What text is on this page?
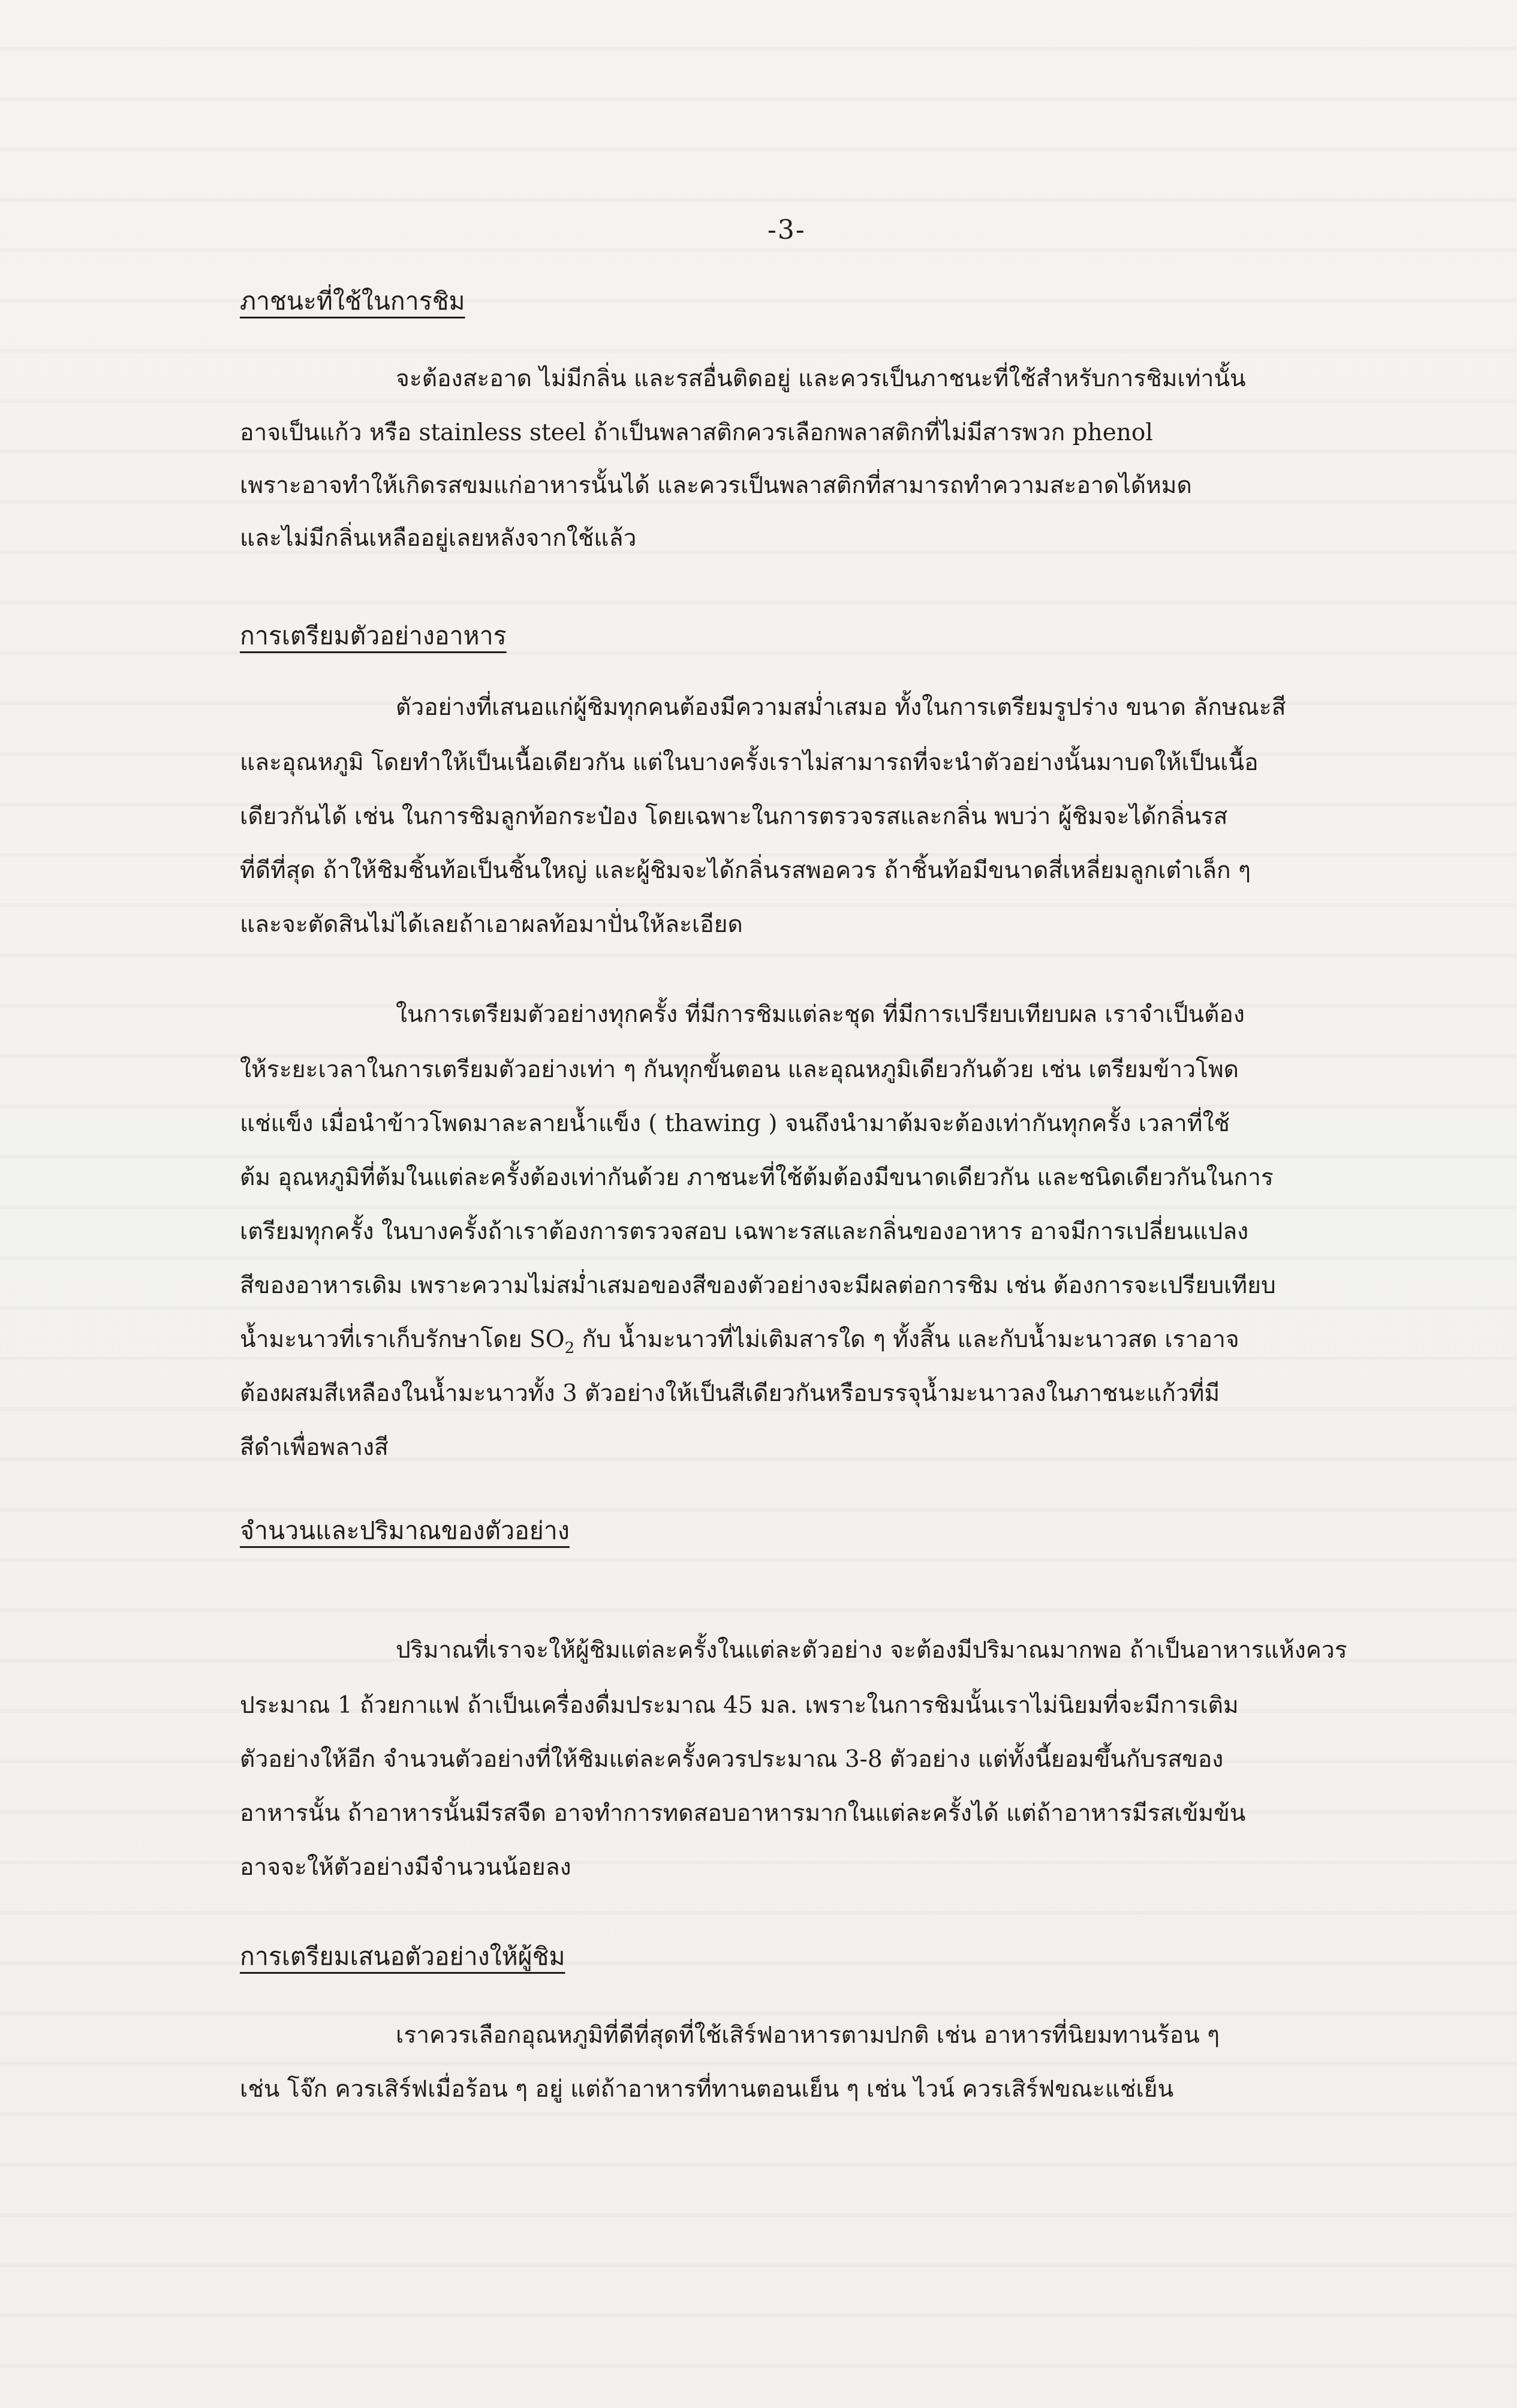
-3-
ภาชนะที่ใช้ในการชิม
จะต้องสะอาด ไม่มีกลิ่น และรสอื่นติดอยู่ และควรเป็นภาชนะที่ใช้สำหรับการชิมเท่านั้น
อาจเป็นแก้ว หรือ stainless steel ถ้าเป็นพลาสติกควรเลือกพลาสติกที่ไม่มีสารพวก phenol
เพราะอาจทำให้เกิดรสขมแก่อาหารนั้นได้ และควรเป็นพลาสติกที่สามารถทำความสะอาดได้หมด
และไม่มีกลิ่นเหลืออยู่เลยหลังจากใช้แล้ว
การเตรียมตัวอย่างอาหาร
ตัวอย่างที่เสนอแก่ผู้ชิมทุกคนต้องมีความสม่ำเสมอ ทั้งในการเตรียมรูปร่าง ขนาด ลักษณะสี
และอุณหภูมิ โดยทำให้เป็นเนื้อเดียวกัน แต่ในบางครั้งเราไม่สามารถที่จะนำตัวอย่างนั้นมาบดให้เป็นเนื้อ
เดียวกันได้ เช่น ในการชิมลูกท้อกระป๋อง โดยเฉพาะในการตรวจรสและกลิ่น พบว่า ผู้ชิมจะได้กลิ่นรส
ที่ดีที่สุด ถ้าให้ชิมชิ้นท้อเป็นชิ้นใหญ่ และผู้ชิมจะได้กลิ่นรสพอควร ถ้าชิ้นท้อมีขนาดสี่เหลี่ยมลูกเต๋าเล็ก ๆ
และจะตัดสินไม่ได้เลยถ้าเอาผลท้อมาปั่นให้ละเอียด
ในการเตรียมตัวอย่างทุกครั้ง ที่มีการชิมแต่ละชุด ที่มีการเปรียบเทียบผล เราจำเป็นต้อง
ให้ระยะเวลาในการเตรียมตัวอย่างเท่า ๆ กันทุกขั้นตอน และอุณหภูมิเดียวกันด้วย เช่น เตรียมข้าวโพด
แช่แข็ง เมื่อนำข้าวโพดมาละลายน้ำแข็ง ( thawing ) จนถึงนำมาต้มจะต้องเท่ากันทุกครั้ง เวลาที่ใช้
ต้ม อุณหภูมิที่ต้มในแต่ละครั้งต้องเท่ากันด้วย ภาชนะที่ใช้ต้มต้องมีขนาดเดียวกัน และชนิดเดียวกันในการ
เตรียมทุกครั้ง ในบางครั้งถ้าเราต้องการตรวจสอบ เฉพาะรสและกลิ่นของอาหาร อาจมีการเปลี่ยนแปลง
สีของอาหารเดิม เพราะความไม่สม่ำเสมอของสีของตัวอย่างจะมีผลต่อการชิม เช่น ต้องการจะเปรียบเทียบ
น้ำมะนาวที่เราเก็บรักษาโดย $SO_2$ กับ น้ำมะนาวที่ไม่เติมสารใด ๆ ทั้งสิ้น และกับน้ำมะนาวสด เราอาจ
ต้องผสมสีเหลืองในน้ำมะนาวทั้ง 3 ตัวอย่างให้เป็นสีเดียวกันหรือบรรจุน้ำมะนาวลงในภาชนะแก้วที่มี
สีดำเพื่อพลางสี
จำนวนและปริมาณของตัวอย่าง
ปริมาณที่เราจะให้ผู้ชิมแต่ละครั้งในแต่ละตัวอย่าง จะต้องมีปริมาณมากพอ ถ้าเป็นอาหารแห้งควร
ประมาณ 1 ถ้วยกาแฟ ถ้าเป็นเครื่องดื่มประมาณ 45 มล. เพราะในการชิมนั้นเราไม่นิยมที่จะมีการเติม
ตัวอย่างให้อีก จำนวนตัวอย่างที่ให้ชิมแต่ละครั้งควรประมาณ 3-8 ตัวอย่าง แต่ทั้งนี้ยอมขึ้นกับรสของ
อาหารนั้น ถ้าอาหารนั้นมีรสจืด อาจทำการทดสอบอาหารมากในแต่ละครั้งได้ แต่ถ้าอาหารมีรสเข้มข้น
อาจจะให้ตัวอย่างมีจำนวนน้อยลง
การเตรียมเสนอตัวอย่างให้ผู้ชิม
เราควรเลือกอุณหภูมิที่ดีที่สุดที่ใช้เสิร์ฟอาหารตามปกติ เช่น อาหารที่นิยมทานร้อน ๆ
เช่น โจ๊ก ควรเสิร์ฟเมื่อร้อน ๆ อยู่ แต่ถ้าอาหารที่ทานตอนเย็น ๆ เช่น ไวน์ ควรเสิร์ฟขณะแช่เย็น
